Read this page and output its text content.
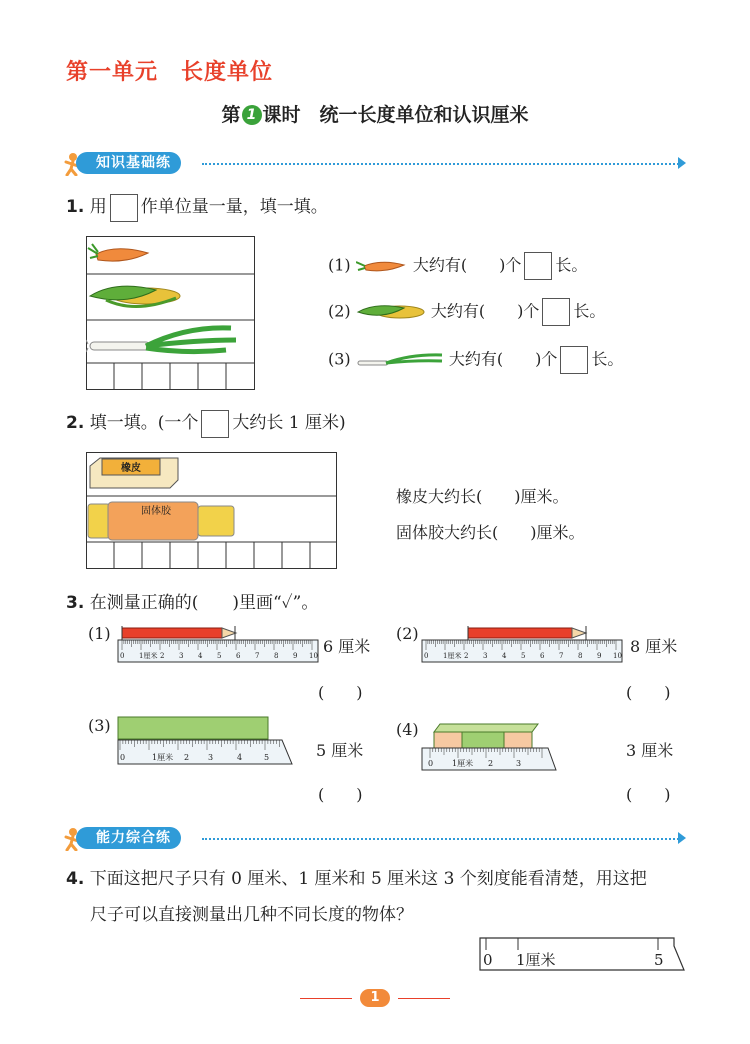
第一单元　长度单位
第 1 课时　统一长度单位和认识厘米
知识基础练
1. 用 作单位量一量，填一填。
(1)	大约有(　　)个 长。
(2)	大约有(　　)个 长。
(3)	大约有(　　)个 长。
2. 填一填。(一个 大约长 1 厘米)
橡皮
固体胶
橡皮大约长(　　)厘米。
固体胶大约长(　　)厘米。
3. 在测量正确的(　　)里画“✓”。
(1)
0 1厘米 2 3 4 5 6 7 8 9 10 6 厘米
(　　)
(2)
0 1厘米 2 3 4 5 6 7 8 9 10 8 厘米
(　　)
(3)
0	1厘米 2 3	4	5	5 厘米
(　　)
(4)
0 1厘米 2	3
3 厘米
(　　)
能力综合练
4. 下面这把尺子只有 0 厘米、1 厘米和 5 厘米这 3 个刻度能看清楚，用这把
尺子可以直接测量出几种不同长度的物体？
0 1厘米	5
1
